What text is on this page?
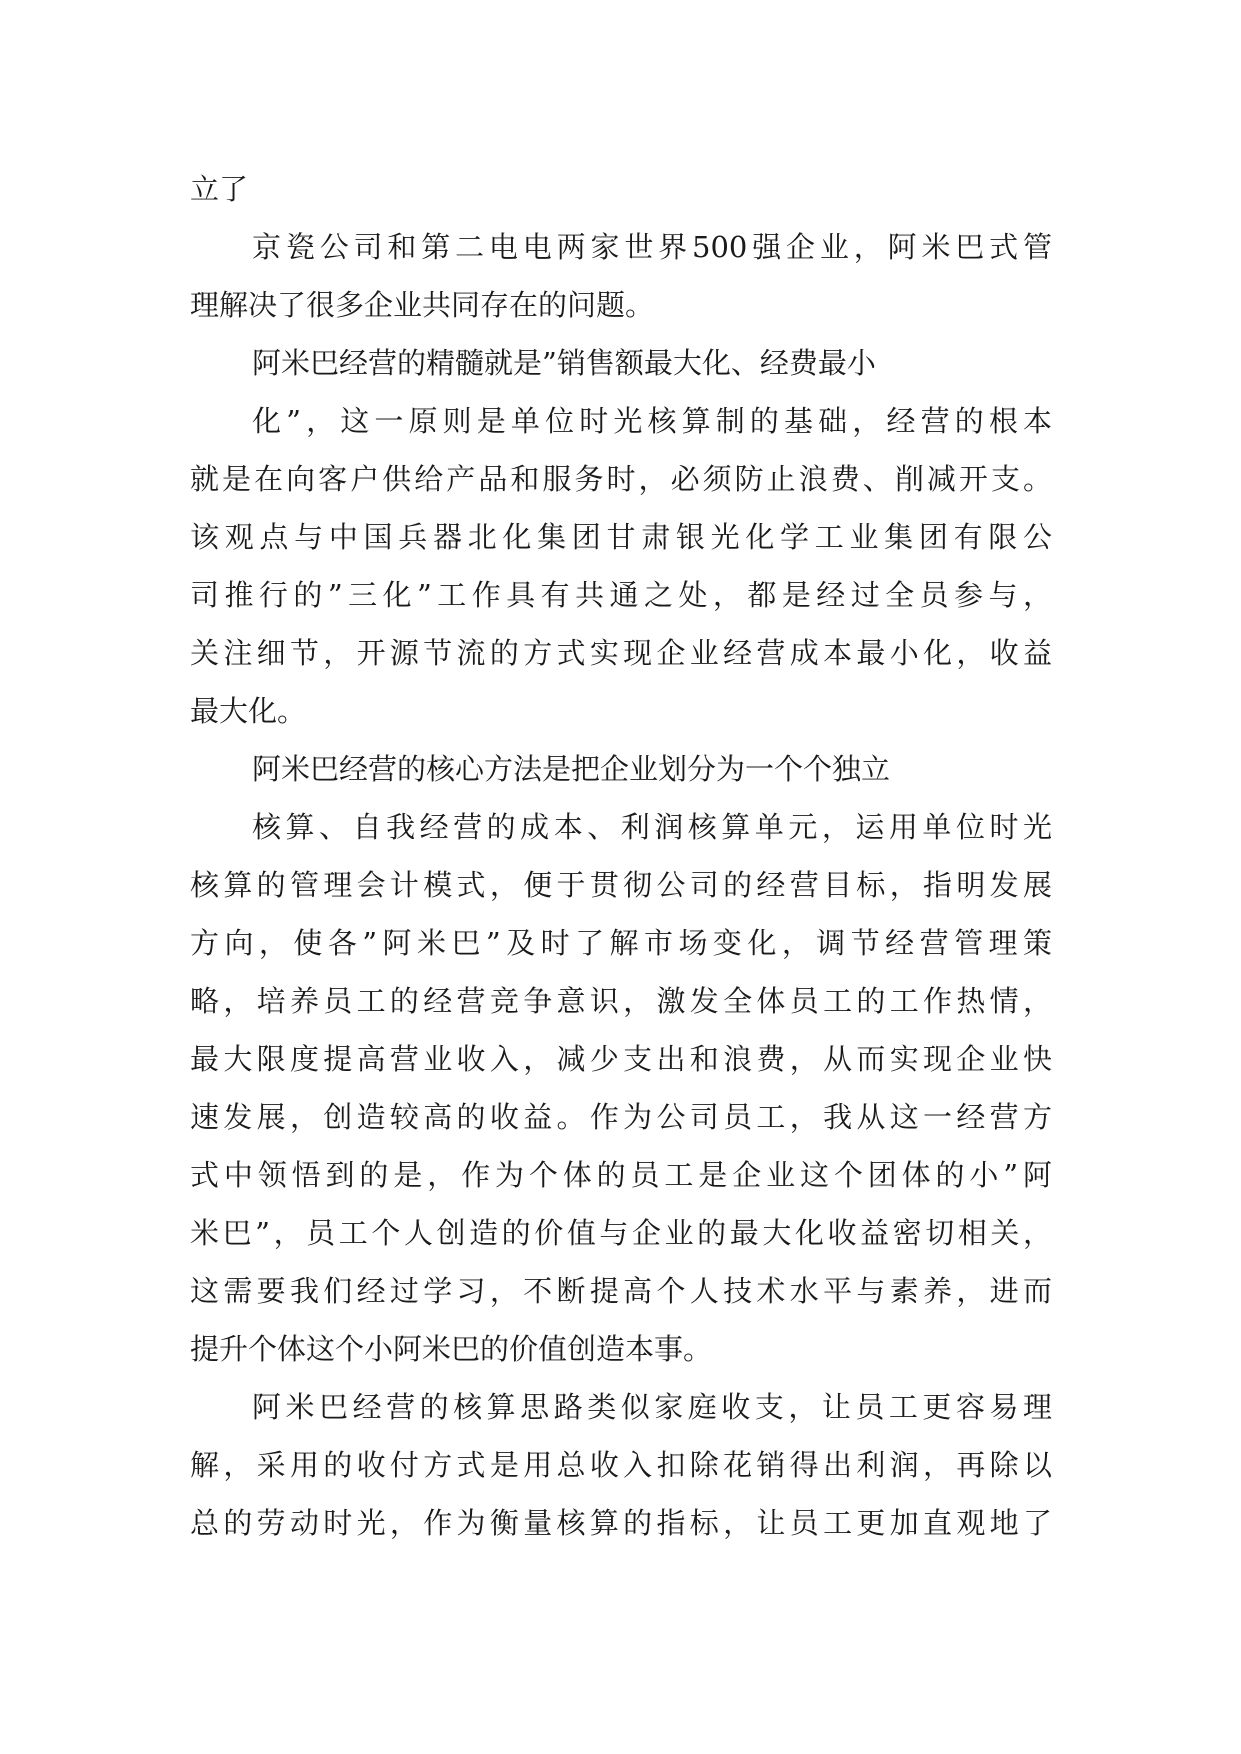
立了
京瓷公司和第二电电两家世界500强企业，阿米巴式管
理解决了很多企业共同存在的问题。
阿米巴经营的精髓就是”销售额最大化、经费最小
化”，这一原则是单位时光核算制的基础，经营的根本
就是在向客户供给产品和服务时，必须防止浪费、削减开支。
该观点与中国兵器北化集团甘肃银光化学工业集团有限公
司推行的”三化”工作具有共通之处，都是经过全员参与，
关注细节，开源节流的方式实现企业经营成本最小化，收益
最大化。
阿米巴经营的核心方法是把企业划分为一个个独立
核算、自我经营的成本、利润核算单元，运用单位时光
核算的管理会计模式，便于贯彻公司的经营目标，指明发展
方向，使各”阿米巴”及时了解市场变化，调节经营管理策
略，培养员工的经营竞争意识，激发全体员工的工作热情，
最大限度提高营业收入，减少支出和浪费，从而实现企业快
速发展，创造较高的收益。作为公司员工，我从这一经营方
式中领悟到的是，作为个体的员工是企业这个团体的小”阿
米巴”，员工个人创造的价值与企业的最大化收益密切相关，
这需要我们经过学习，不断提高个人技术水平与素养，进而
提升个体这个小阿米巴的价值创造本事。
阿米巴经营的核算思路类似家庭收支，让员工更容易理
解，采用的收付方式是用总收入扣除花销得出利润，再除以
总的劳动时光，作为衡量核算的指标，让员工更加直观地了
